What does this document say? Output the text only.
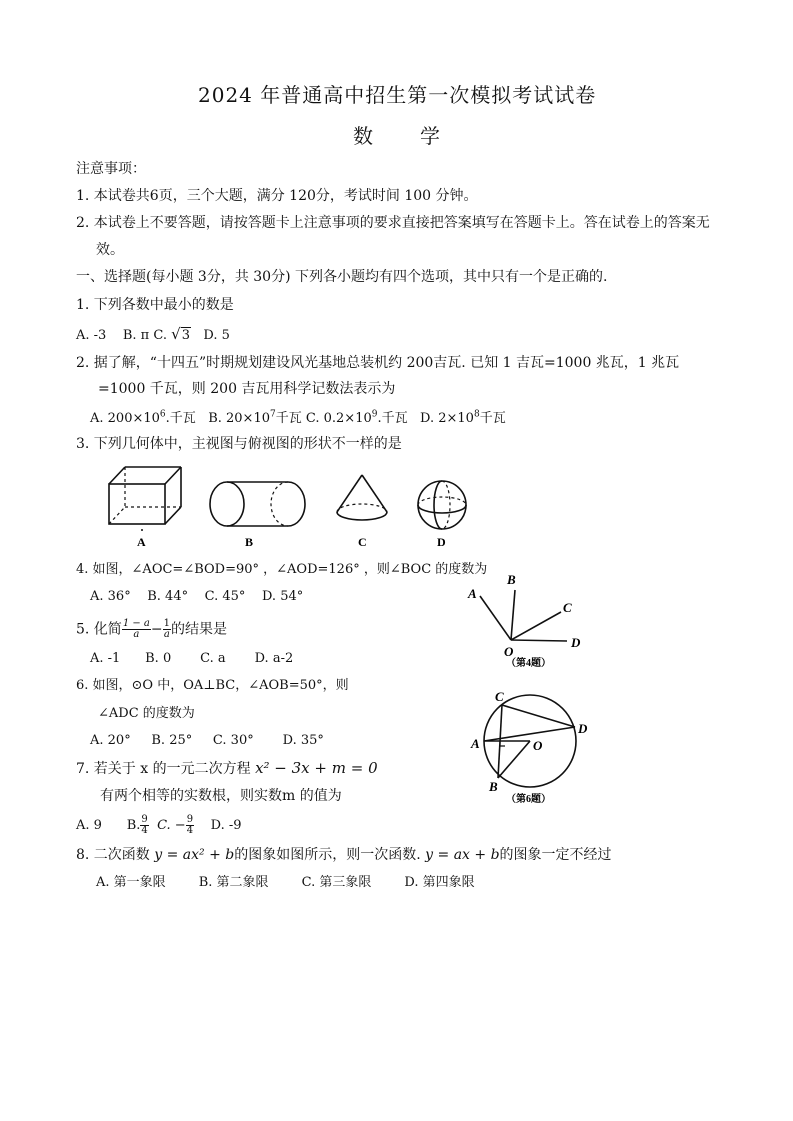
2024 年普通高中招生第一次模拟考试试卷
数 学
注意事项：
1. 本试卷共6页，三个大题，满分 120分，考试时间 100 分钟。
2. 本试卷上不要答题，请按答题卡上注意事项的要求直接把答案填写在答题卡上。答在试卷上的答案无
效。
一、选择题(每小题 3分，共 30分) 下列各小题均有四个选项，其中只有一个是正确的.
1. 下列各数中最小的数是
A. -3 B. π C. √3 D. 5
2. 据了解，“十四五”时期规划建设风光基地总装机约 200吉瓦. 已知 1 吉瓦=1000 兆瓦，1 兆瓦
=1000 千瓦，则 200 吉瓦用科学记数法表示为
A. $200\times 10^6$.千瓦 B. $20\times 10^7$千瓦 C. $0.2\times 10^9$.千瓦 D. $2\times 10^8$千瓦
3. 下列几何体中，主视图与俯视图的形状不一样的是
A	B	C	D
4. 如图，∠AOC=∠BOD=90° ，∠AOD=126° ，则∠BOC 的度数为
A. 36° B. 44° C. 45° D. 54°	A
B
C
D
O
（第4题）
5. 化简 $\frac{1 - a}{a} - \frac{1}{a}$ 的结果是
A. -1 B. 0 C. a D. a-2
6. 如图，⊙O 中，OA⊥BC，∠AOB=50°，则
∠ADC 的度数为
A. 20° B. 25° C. 30° D. 35°
C
D
A	O
B
（第6题）
7. 若关于 x 的一元二次方程 x² − 3x + m = 0
有两个相等的实数根，则实数m 的值为
A. 9 B. $\frac{9}{4} C$. − $\frac{9}{4} D$. -9
8. 二次函数 y = ax² + b的图象如图所示，则一次函数. y = ax + b的图象一定不经过
A. 第一象限	B. 第二象限	C. 第三象限	D. 第四象限
